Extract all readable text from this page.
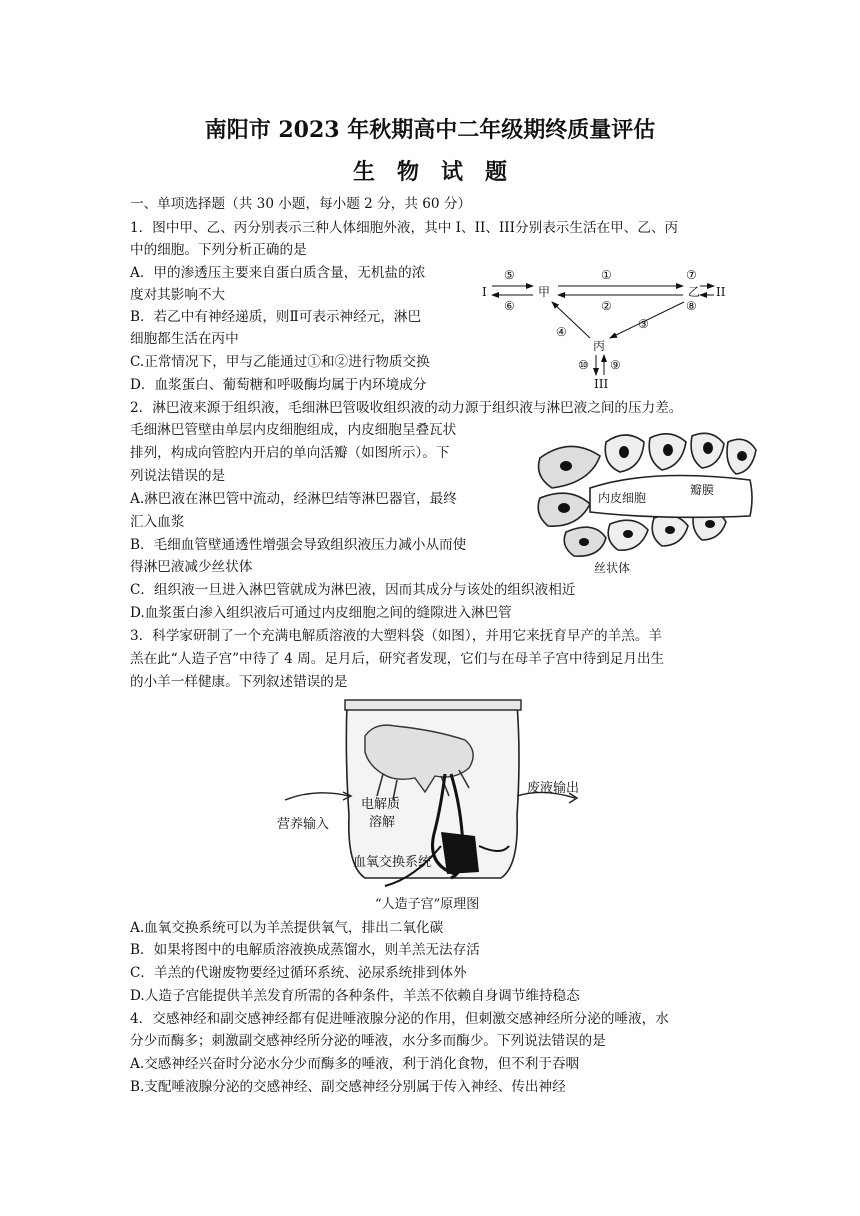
南阳市 2023 年秋期高中二年级期终质量评估
生　物　试　题
一、单项选择题（共 30 小题，每小题 2 分，共 60 分）
1．图中甲、乙、丙分别表示三种人体细胞外液，其中 I、II、III分别表示生活在甲、乙、丙
中的细胞。下列分析正确的是
A．甲的渗透压主要来自蛋白质含量，无机盐的浓
度对其影响不大
B．若乙中有神经递质，则Ⅱ可表示神经元，淋巴
细胞都生活在丙中
C.正常情况下，甲与乙能通过①和②进行物质交换
D．血浆蛋白、葡萄糖和呼吸酶均属于内环境成分
I	甲	乙 II
丙
III
⑤
⑥
①
②
⑦
⑧
③
④
⑩ ⑨
2．淋巴液来源于组织液，毛细淋巴管吸收组织液的动力源于组织液与淋巴液之间的压力差。
毛细淋巴管壁由单层内皮细胞组成，内皮细胞呈叠瓦状
排列，构成向管腔内开启的单向活瓣（如图所示）。下
列说法错误的是
A.淋巴液在淋巴管中流动，经淋巴结等淋巴器官，最终
汇入血浆
B．毛细血管壁通透性增强会导致组织液压力减小从而使
得淋巴液减少丝状体
C．组织液一旦进入淋巴管就成为淋巴液，因而其成分与该处的组织液相近
D.血浆蛋白渗入组织液后可通过内皮细胞之间的缝隙进入淋巴管
内皮细胞
瓣膜
丝状体
3．科学家研制了一个充满电解质溶液的大塑料袋（如图），并用它来抚育早产的羊羔。羊
羔在此“人造子宫”中待了 4 周。足月后，研究者发现，它们与在母羊子宫中待到足月出生
的小羊一样健康。下列叙述错误的是
废液输出
电解质
溶解
营养输入
血氧交换系统
“人造子宫”原理图
A.血氧交换系统可以为羊羔提供氧气，排出二氧化碳
B．如果将图中的电解质溶液换成蒸馏水，则羊羔无法存活
C．羊羔的代谢废物要经过循环系统、泌尿系统排到体外
D.人造子宫能提供羊羔发育所需的各种条件，羊羔不依赖自身调节维持稳态
4．交感神经和副交感神经都有促进唾液腺分泌的作用，但刺激交感神经所分泌的唾液，水
分少而酶多；刺激副交感神经所分泌的唾液，水分多而酶少。下列说法错误的是
A.交感神经兴奋时分泌水分少而酶多的唾液，利于消化食物，但不利于吞咽
B.支配唾液腺分泌的交感神经、副交感神经分别属于传入神经、传出神经
